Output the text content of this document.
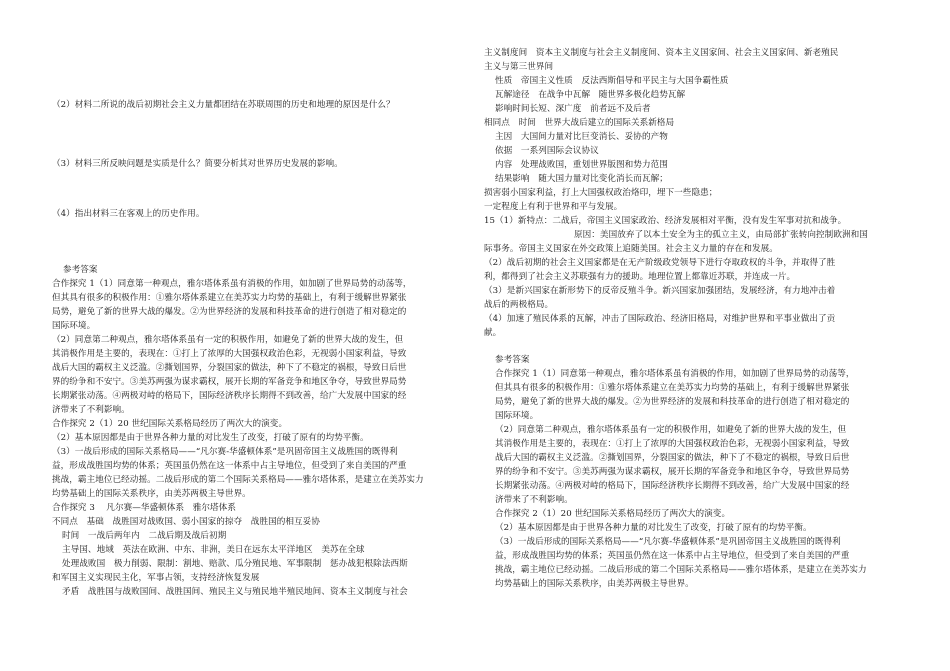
（2）材料二所说的战后初期社会主义力量都团结在苏联周围的历史和地理的原因是什么？
（3）材料三所反映问题是实质是什么？简要分析其对世界历史发展的影响。
（4）指出材料三在客观上的历史作用。
参考答案
合作探究 1（1）同意第一种观点，雅尔塔体系虽有消极的作用，如加剧了世界局势的动荡等，
但其具有很多的积极作用：①雅尔塔体系建立在美苏实力均势的基础上，有利于缓解世界紧张
局势，避免了新的世界大战的爆发。②为世界经济的发展和科技革命的进行创造了相对稳定的
国际环境。
（2）同意第二种观点，雅尔塔体系虽有一定的积极作用，如避免了新的世界大战的发生，但
其消极作用是主要的，表现在：①打上了浓厚的大国强权政治色彩，无视弱小国家利益，导致
战后大国的霸权主义泛滥。②撕划国界，分裂国家的做法，种下了不稳定的祸根，导致日后世
界的纷争和不安宁。③美苏两强为谋求霸权，展开长期的军备竞争和地区争夺，导致世界局势
长期紧张动荡。④两极对峙的格局下，国际经济秩序长期得不到改善，给广大发展中国家的经
济带来了不利影响。
合作探究 2（1）20 世纪国际关系格局经历了两次大的演变。
（2）基本原因都是由于世界各种力量的对比发生了改变，打破了原有的均势平衡。
（3）一战后形成的国际关系格局——“凡尔赛-华盛顿体系”是巩固帝国主义战胜国的既得利
益，形成战胜国均势的体系；英国虽仍然在这一体系中占主导地位，但受到了来自美国的严重
挑战，霸主地位已经动摇。二战后形成的第二个国际关系格局——雅尔塔体系，是建立在美苏实力
均势基础上的国际关系秩序，由美苏两极主导世界。
合作探究 3　 凡尔赛—华盛顿体系　雅尔塔体系
不同点　基础　战胜国对战败国、弱小国家的掠夺　战胜国的相互妥协
时间　一战后两年内　二战后期及战后初期
主导国、地域　英法在欧洲、中东、非洲，美日在远东太平洋地区　美苏在全球
处理战败国　极力削弱、限制：割地、赔款、瓜分殖民地、军事限制　惩办战犯根除法西斯
和军国主义实现民主化，军事占领，支持经济恢复发展
矛盾　战胜国与战败国间、战胜国间、殖民主义与殖民地半殖民地间、资本主义制度与社会
主义制度间　资本主义制度与社会主义制度间、资本主义国家间、社会主义国家间、新老殖民
主义与第三世界间
性质　帝国主义性质　反法西斯倡导和平民主与大国争霸性质
瓦解途径　在战争中瓦解　随世界多极化趋势瓦解
影响时间长短、深广度　前者远不及后者
相同点　时间　世界大战后建立的国际关系新格局
主因　大国间力量对比巨变消长、妥协的产物
依据　一系列国际会议协议
内容　处理战败国，重划世界版图和势力范围
结果影响　随大国力量对比变化消长而瓦解；
损害弱小国家利益，打上大国强权政治烙印，埋下一些隐患；
一定程度上有利于世界和平与发展。
15（1）新特点：二战后，帝国主义国家政治、经济发展相对平衡，没有发生军事对抗和战争。
原因：美国放弃了以本土安全为主的孤立主义，由局部扩张转向控制欧洲和国
际事务。帝国主义国家在外交政策上追随美国。社会主义力量的存在和发展。
（2）战后初期的社会主义国家都是在无产阶级政党领导下进行夺取政权的斗争，并取得了胜
利，都得到了社会主义苏联强有力的援助。地理位置上都靠近苏联，并连成一片。
（3）是新兴国家在新形势下的反帝反殖斗争。新兴国家加强团结，发展经济，有力地冲击着
战后的两极格局。
（4）加速了殖民体系的瓦解，冲击了国际政治、经济旧格局，对维护世界和平事业做出了贡
献。
参考答案
合作探究 1（1）同意第一种观点，雅尔塔体系虽有消极的作用，如加剧了世界局势的动荡等，
但其具有很多的积极作用：①雅尔塔体系建立在美苏实力均势的基础上，有利于缓解世界紧张
局势，避免了新的世界大战的爆发。②为世界经济的发展和科技革命的进行创造了相对稳定的
国际环境。
（2）同意第二种观点，雅尔塔体系虽有一定的积极作用，如避免了新的世界大战的发生，但
其消极作用是主要的，表现在：①打上了浓厚的大国强权政治色彩，无视弱小国家利益，导致
战后大国的霸权主义泛滥。②撕划国界，分裂国家的做法，种下了不稳定的祸根，导致日后世
界的纷争和不安宁。③美苏两强为谋求霸权，展开长期的军备竞争和地区争夺，导致世界局势
长期紧张动荡。④两极对峙的格局下，国际经济秩序长期得不到改善，给广大发展中国家的经
济带来了不利影响。
合作探究 2（1）20 世纪国际关系格局经历了两次大的演变。
（2）基本原因都是由于世界各种力量的对比发生了改变，打破了原有的均势平衡。
（3）一战后形成的国际关系格局——“凡尔赛-华盛顿体系”是巩固帝国主义战胜国的既得利
益，形成战胜国均势的体系；英国虽仍然在这一体系中占主导地位，但受到了来自美国的严重
挑战，霸主地位已经动摇。二战后形成的第二个国际关系格局——雅尔塔体系，是建立在美苏实力
均势基础上的国际关系秩序，由美苏两极主导世界。
